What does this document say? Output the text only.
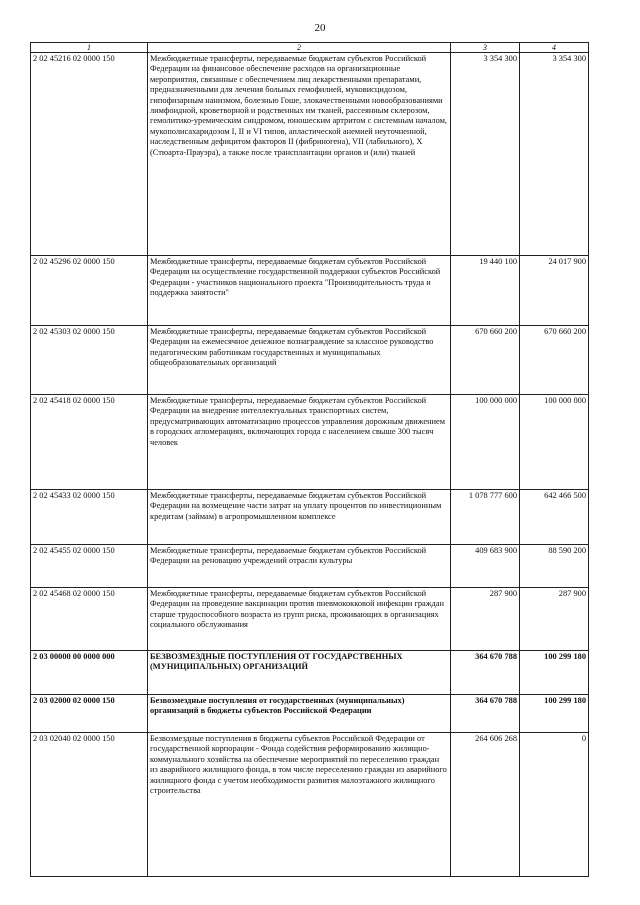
20
1	2	3	4
2 02 45216 02 0000 150	Межбюджетные трансферты, передаваемые бюджетам субъектов Российской Федерации на финансовое обеспечение расходов на организационные мероприятия, связанные с обеспечением лиц лекарственными препаратами, предназначенными для лечения больных гемофилией, муковисцидозом, гипофизарным нанизмом, болезнью Гоше, злокачественными новообразованиями лимфоидной, кроветворной и родственных им тканей, рассеянным склерозом, гемолитико-уремическим синдромом, юношеским артритом с системным началом, мукополисахаридозом I, II и VI типов, апластической анемией неуточненной, наследственным дефицитом факторов II (фибриногена), VII (лабильного), X (Стюарта-Прауэра), а также после трансплантации органов и (или) тканей	3 354 300	3 354 300
2 02 45296 02 0000 150	Межбюджетные трансферты, передаваемые бюджетам субъектов Российской Федерации на осуществление государственной поддержки субъектов Российской Федерации - участников национального проекта "Производительность труда и поддержка занятости"	19 440 100	24 017 900
2 02 45303 02 0000 150	Межбюджетные трансферты, передаваемые бюджетам субъектов Российской Федерации на ежемесячное денежное вознаграждение за классное руководство педагогическим работникам государственных и муниципальных общеобразовательных организаций	670 660 200	670 660 200
2 02 45418 02 0000 150	Межбюджетные трансферты, передаваемые бюджетам субъектов Российской Федерации на внедрение интеллектуальных транспортных систем, предусматривающих автоматизацию процессов управления дорожным движением в городских агломерациях, включающих города с населением свыше 300 тысяч человек	100 000 000	100 000 000
2 02 45433 02 0000 150	Межбюджетные трансферты, передаваемые бюджетам субъектов Российской Федерации на возмещение части затрат на уплату процентов по инвестиционным кредитам (займам) в агропромышленном комплексе	1 078 777 600	642 466 500
2 02 45455 02 0000 150	Межбюджетные трансферты, передаваемые бюджетам субъектов Российской Федерации на реновацию учреждений отрасли культуры	409 683 900	88 590 200
2 02 45468 02 0000 150	Межбюджетные трансферты, передаваемые бюджетам субъектов Российской Федерации на проведение вакцинации против пневмококковой инфекции граждан старше трудоспособного возраста из групп риска, проживающих в организациях социального обслуживания	287 900	287 900
2 03 00000 00 0000 000	БЕЗВОЗМЕЗДНЫЕ ПОСТУПЛЕНИЯ ОТ ГОСУДАРСТВЕННЫХ (МУНИЦИПАЛЬНЫХ) ОРГАНИЗАЦИЙ	364 670 788	100 299 180
2 03 02000 02 0000 150	Безвозмездные поступления от государственных (муниципальных) организаций в бюджеты субъектов Российской Федерации	364 670 788	100 299 180
2 03 02040 02 0000 150	Безвозмездные поступления в бюджеты субъектов Российской Федерации от государственной корпорации - Фонда содействия реформированию жилищно-коммунального хозяйства на обеспечение мероприятий по переселению граждан из аварийного жилищного фонда, в том числе переселению граждан из аварийного жилищного фонда с учетом необходимости развития малоэтажного жилищного строительства	264 606 268	0
